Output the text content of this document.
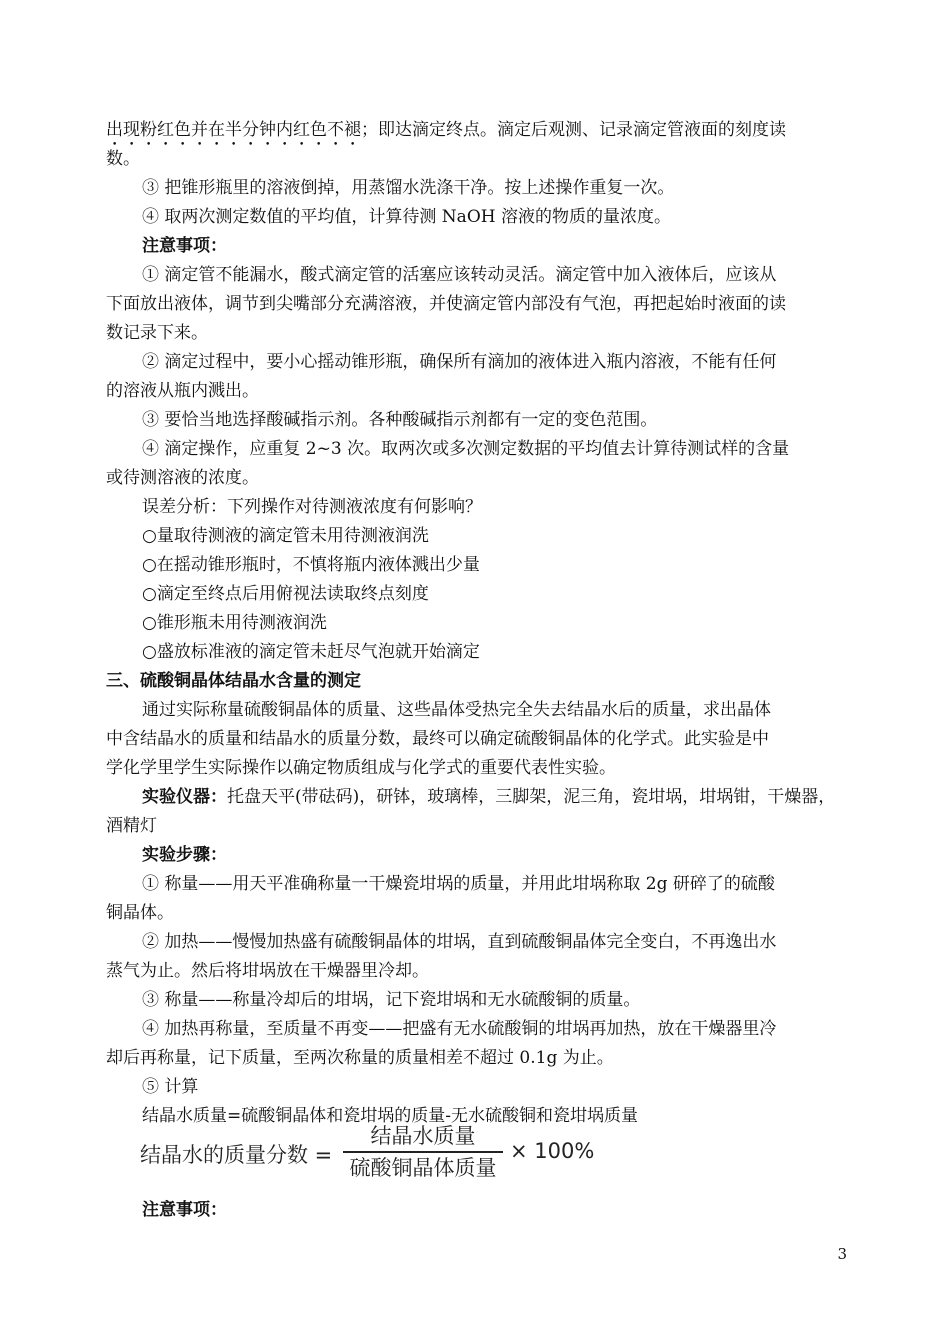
出现粉红色并在半分钟内红色不褪；即达滴定终点。滴定后观测、记录滴定管液面的刻度读
数。
③ 把锥形瓶里的溶液倒掉，用蒸馏水洗涤干净。按上述操作重复一次。
④ 取两次测定数值的平均值，计算待测 NaOH 溶液的物质的量浓度。
注意事项：
① 滴定管不能漏水，酸式滴定管的活塞应该转动灵活。滴定管中加入液体后，应该从
下面放出液体，调节到尖嘴部分充满溶液，并使滴定管内部没有气泡，再把起始时液面的读
数记录下来。
② 滴定过程中，要小心摇动锥形瓶，确保所有滴加的液体进入瓶内溶液，不能有任何
的溶液从瓶内溅出。
③ 要恰当地选择酸碱指示剂。各种酸碱指示剂都有一定的变色范围。
④ 滴定操作，应重复 2~3 次。取两次或多次测定数据的平均值去计算待测试样的含量
或待测溶液的浓度。
误差分析：下列操作对待测液浓度有何影响？
○量取待测液的滴定管未用待测液润洗
○在摇动锥形瓶时，不慎将瓶内液体溅出少量
○滴定至终点后用俯视法读取终点刻度
○锥形瓶未用待测液润洗
○盛放标准液的滴定管未赶尽气泡就开始滴定
三、硫酸铜晶体结晶水含量的测定
通过实际称量硫酸铜晶体的质量、这些晶体受热完全失去结晶水后的质量，求出晶体
中含结晶水的质量和结晶水的质量分数，最终可以确定硫酸铜晶体的化学式。此实验是中
学化学里学生实际操作以确定物质组成与化学式的重要代表性实验。
实验仪器：托盘天平(带砝码)，研钵，玻璃棒，三脚架，泥三角，瓷坩埚，坩埚钳，干燥器，
酒精灯
实验步骤：
① 称量——用天平准确称量一干燥瓷坩埚的质量，并用此坩埚称取 2g 研碎了的硫酸
铜晶体。
② 加热——慢慢加热盛有硫酸铜晶体的坩埚，直到硫酸铜晶体完全变白，不再逸出水
蒸气为止。然后将坩埚放在干燥器里冷却。
③ 称量——称量冷却后的坩埚，记下瓷坩埚和无水硫酸铜的质量。
④ 加热再称量，至质量不再变——把盛有无水硫酸铜的坩埚再加热，放在干燥器里冷
却后再称量，记下质量，至两次称量的质量相差不超过 0.1g 为止。
⑤ 计算
结晶水质量=硫酸铜晶体和瓷坩埚的质量-无水硫酸铜和瓷坩埚质量
结晶水的质量分数 =
结晶水质量
硫酸铜晶体质量
× 100%
注意事项：
3
